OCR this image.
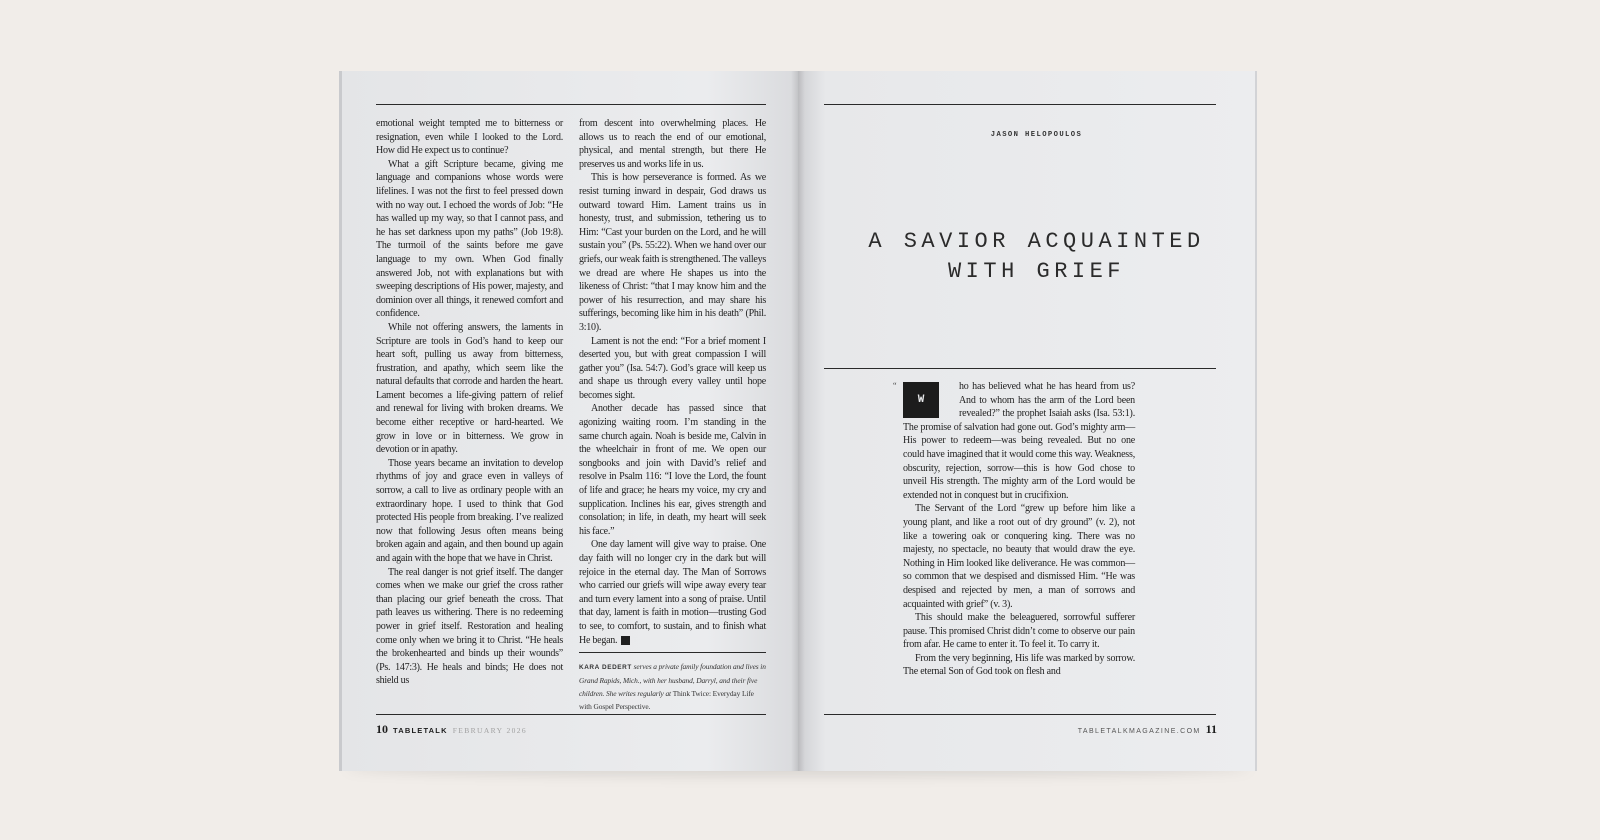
emotional weight tempted me to bitterness or resignation, even while I looked to the Lord. How did He expect us to continue?

What a gift Scripture became, giving me language and companions whose words were lifelines. I was not the first to feel pressed down with no way out. I echoed the words of Job: “He has walled up my way, so that I cannot pass, and he has set darkness upon my paths” (Job 19:8). The turmoil of the saints before me gave language to my own. When God finally answered Job, not with explanations but with sweeping descriptions of His power, majesty, and dominion over all things, it renewed comfort and confidence.

While not offering answers, the laments in Scripture are tools in God’s hand to keep our heart soft, pulling us away from bitterness, frustration, and apathy, which seem like the natural defaults that corrode and harden the heart. Lament becomes a life-giving pattern of relief and renewal for living with broken dreams. We become either receptive or hard-hearted. We grow in love or in bitterness. We grow in devotion or in apathy.

Those years became an invitation to develop rhythms of joy and grace even in valleys of sorrow, a call to live as ordinary people with an extraordinary hope. I used to think that God protected His people from breaking. I’ve realized now that following Jesus often means being broken again and again, and then bound up again and again with the hope that we have in Christ.

The real danger is not grief itself. The danger comes when we make our grief the cross rather than placing our grief beneath the cross. That path leaves us withering. There is no redeeming power in grief itself. Restoration and healing come only when we bring it to Christ. “He heals the brokenhearted and binds up their wounds” (Ps. 147:3). He heals and binds; He does not shield us

from descent into overwhelming places. He allows us to reach the end of our emotional, physical, and mental strength, but there He preserves us and works life in us.

This is how perseverance is formed. As we resist turning inward in despair, God draws us outward toward Him. Lament trains us in honesty, trust, and submission, tethering us to Him: “Cast your burden on the Lord, and he will sustain you” (Ps. 55:22). When we hand over our griefs, our weak faith is strengthened. The valleys we dread are where He shapes us into the likeness of Christ: “that I may know him and the power of his resurrection, and may share his sufferings, becoming like him in his death” (Phil. 3:10).

Lament is not the end: “For a brief moment I deserted you, but with great compassion I will gather you” (Isa. 54:7). God’s grace will keep us and shape us through every valley until hope becomes sight.

Another decade has passed since that agonizing waiting room. I’m standing in the same church again. Noah is beside me, Calvin in the wheelchair in front of me. We open our songbooks and join with David’s relief and resolve in Psalm 116: “I love the Lord, the fount of life and grace; he hears my voice, my cry and supplication. Inclines his ear, gives strength and consolation; in life, in death, my heart will seek his face.”

One day lament will give way to praise. One day faith will no longer cry in the dark but will rejoice in the eternal day. The Man of Sorrows who carried our griefs will wipe away every tear and turn every lament into a song of praise. Until that day, lament is faith in motion—trusting God to see, to comfort, to sustain, and to finish what He began.	T

KARA DEDERT serves a private family foundation and lives in Grand Rapids, Mich., with her husband, Darryl, and their five children. She writes regularly at Think Twice: Everyday Life with Gospel Perspective.
10 TABLETALK FEBRUARY 2026
JASON HELOPOULOS
A SAVIOR ACQUAINTED
WITH GRIEF
“

W
ho has believed what he has heard from us? And to whom has the arm of the Lord been revealed?” the prophet Isaiah asks (Isa. 53:1). The promise of salvation had gone out. God’s mighty arm—His power to redeem—was being revealed. But no one could have imagined that it would come this way. Weakness, obscurity, rejection, sorrow—this is how God chose to unveil His strength. The mighty arm of the Lord would be extended not in conquest but in crucifixion.

The Servant of the Lord “grew up before him like a young plant, and like a root out of dry ground” (v. 2), not like a towering oak or conquering king. There was no majesty, no spectacle, no beauty that would draw the eye. Nothing in Him looked like deliverance. He was common—so common that we despised and dismissed Him. “He was despised and rejected by men, a man of sorrows and acquainted with grief” (v. 3).

This should make the beleaguered, sorrowful sufferer pause. This promised Christ didn’t come to observe our pain from afar. He came to enter it. To feel it. To carry it.

From the very beginning, His life was marked by sorrow. The eternal Son of God took on flesh and

TABLETALKMAGAZINE.COM 11
